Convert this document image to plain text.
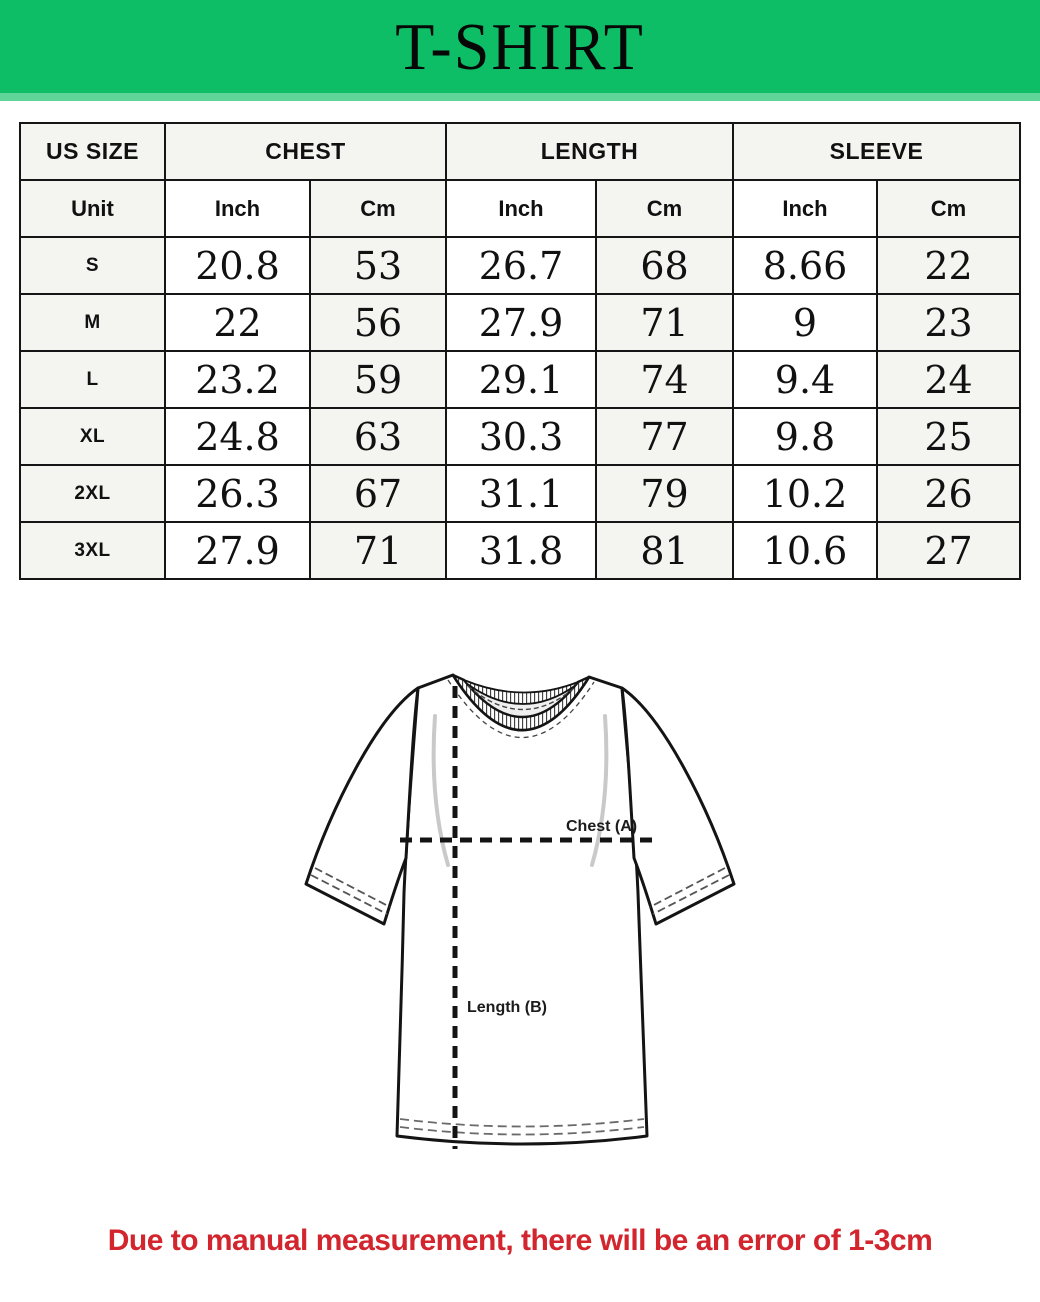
T-SHIRT
US SIZE	CHEST		LENGTH		SLEEVE	
Unit	Inch	Cm	Inch	Cm	Inch	Cm
S	20.8	53	26.7	68	8.66	22
M	22	56	27.9	71	9	23
L	23.2	59	29.1	74	9.4	24
XL	24.8	63	30.3	77	9.8	25
2XL	26.3	67	31.1	79	10.2	26
3XL	27.9	71	31.8	81	10.6	27
Chest (A)
Length (B)
Due to manual measurement, there will be an error of 1-3cm
